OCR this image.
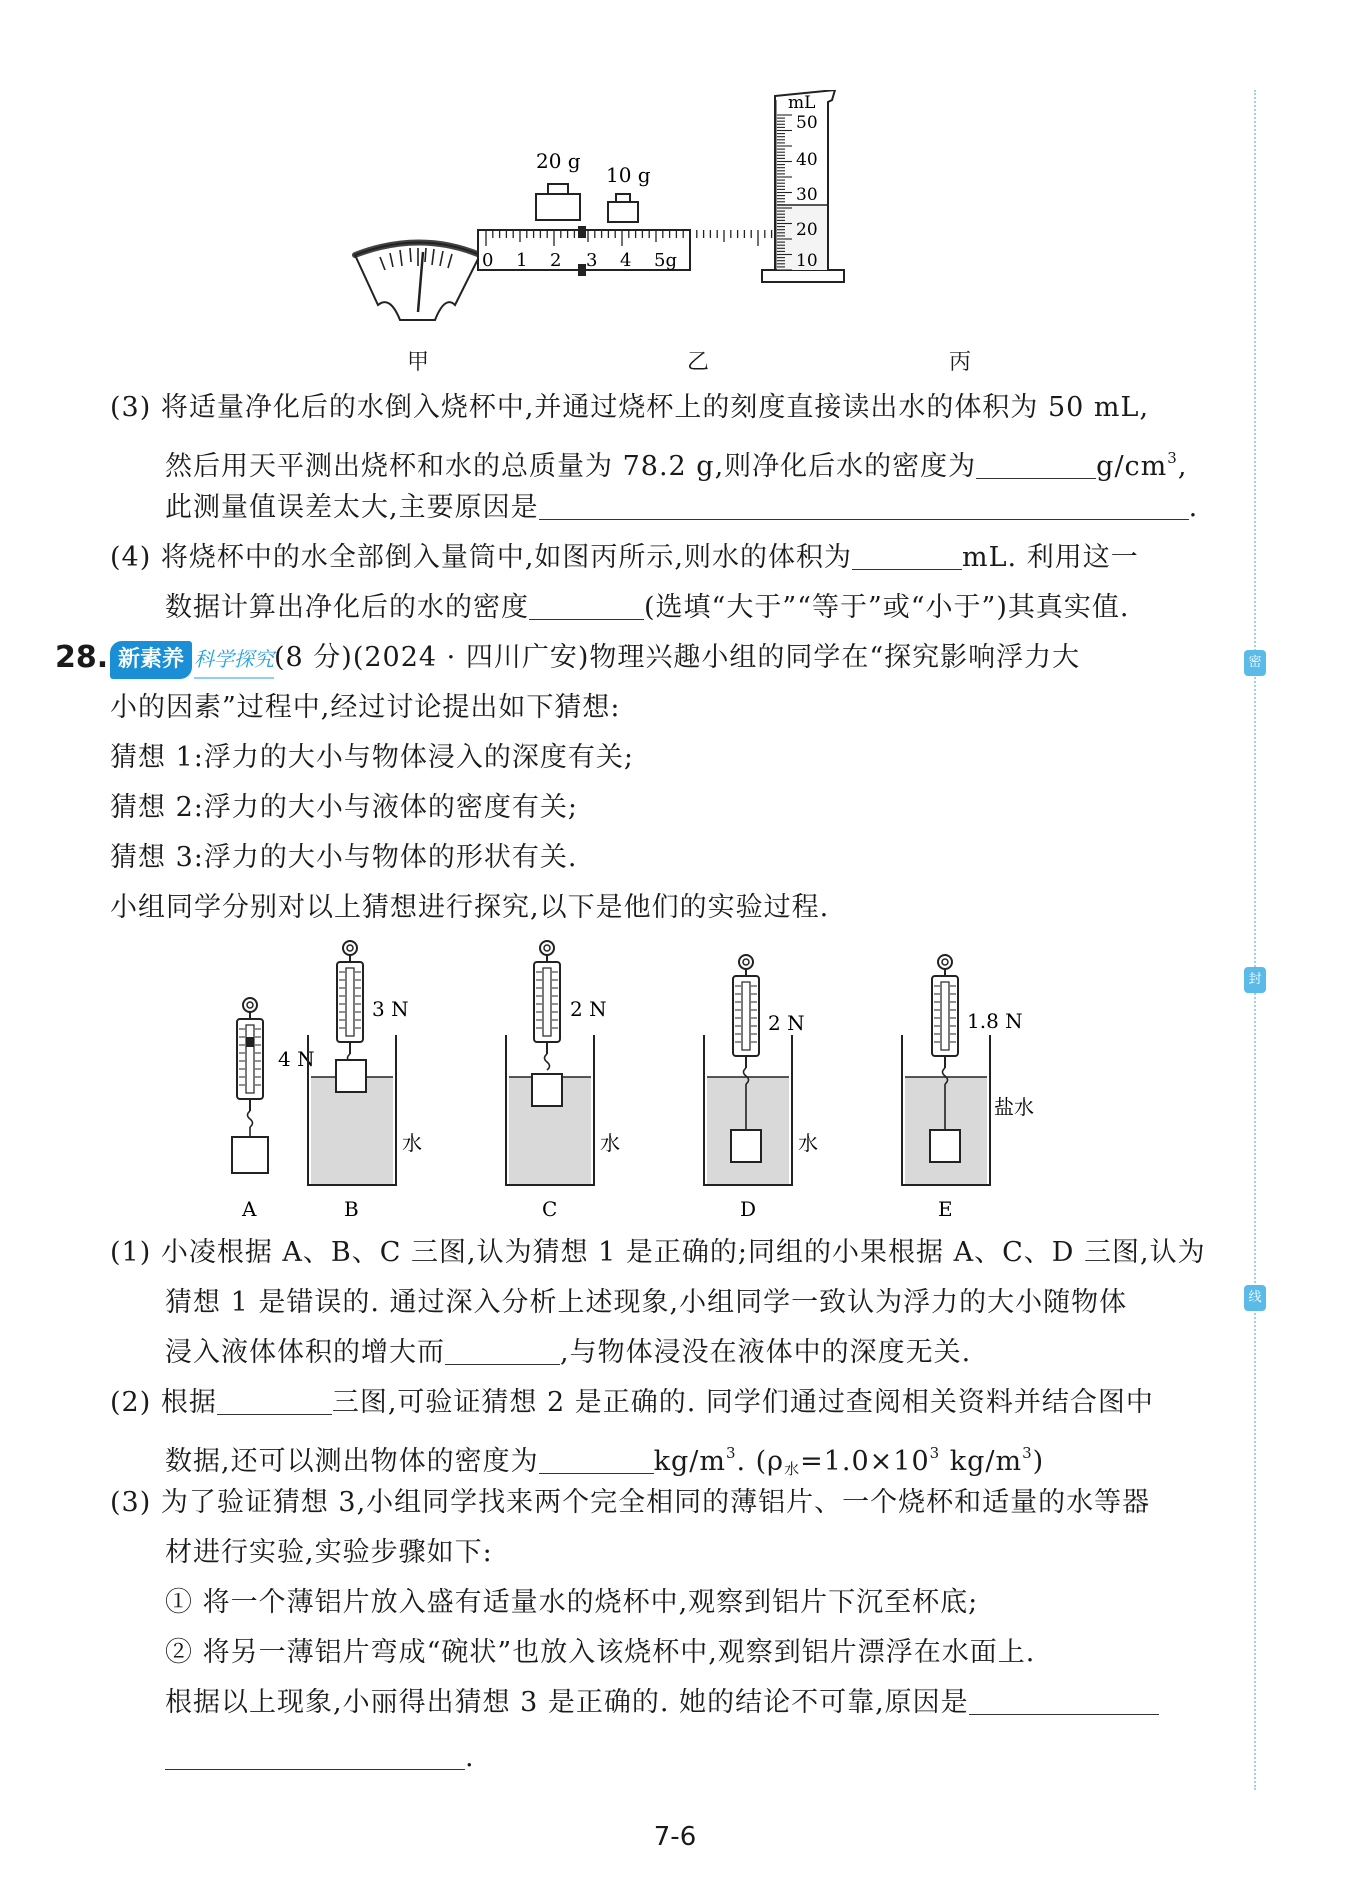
密
封
线
20 g
10 g
0 1 2 3 4 5g
mL
50
40
30
20
10
甲	乙	丙
(3) 将适量净化后的水倒入烧杯中,并通过烧杯上的刻度直接读出水的体积为 50 mL,
然后用天平测出烧杯和水的总质量为 78.2 g,则净化后水的密度为	$g/cm^3$,
此测量值误差太大,主要原因是	.
(4) 将烧杯中的水全部倒入量筒中,如图丙所示,则水的体积为	mL. 利用这一
数据计算出净化后的水的密度	(选填“大于”“等于”或“小于”)其真实值.
28. 新素养 科学探究(8 分)(2024 · 四川广安)物理兴趣小组的同学在“探究影响浮力大
小的因素”过程中,经过讨论提出如下猜想:
猜想 1:浮力的大小与物体浸入的深度有关;
猜想 2:浮力的大小与液体的密度有关;
猜想 3:浮力的大小与物体的形状有关.
小组同学分别对以上猜想进行探究,以下是他们的实验过程.
4 N
A
3 N
水
B
2 N
水
C
2 N
水
D
1.8 N
盐水
E
(1) 小凌根据 A、B、C 三图,认为猜想 1 是正确的;同组的小果根据 A、C、D 三图,认为
猜想 1 是错误的. 通过深入分析上述现象,小组同学一致认为浮力的大小随物体
浸入液体体积的增大而	,与物体浸没在液体中的深度无关.
(2) 根据	三图,可验证猜想 2 是正确的. 同学们通过查阅相关资料并结合图中
数据,还可以测出物体的密度为	$kg/m^3$. ($\rho_水=1.0\times 10^3$ $kg/m^3$)
(3) 为了验证猜想 3,小组同学找来两个完全相同的薄铝片、一个烧杯和适量的水等器
材进行实验,实验步骤如下:
① 将一个薄铝片放入盛有适量水的烧杯中,观察到铝片下沉至杯底;
② 将另一薄铝片弯成“碗状”也放入该烧杯中,观察到铝片漂浮在水面上.
根据以上现象,小丽得出猜想 3 是正确的. 她的结论不可靠,原因是
.
7-6
